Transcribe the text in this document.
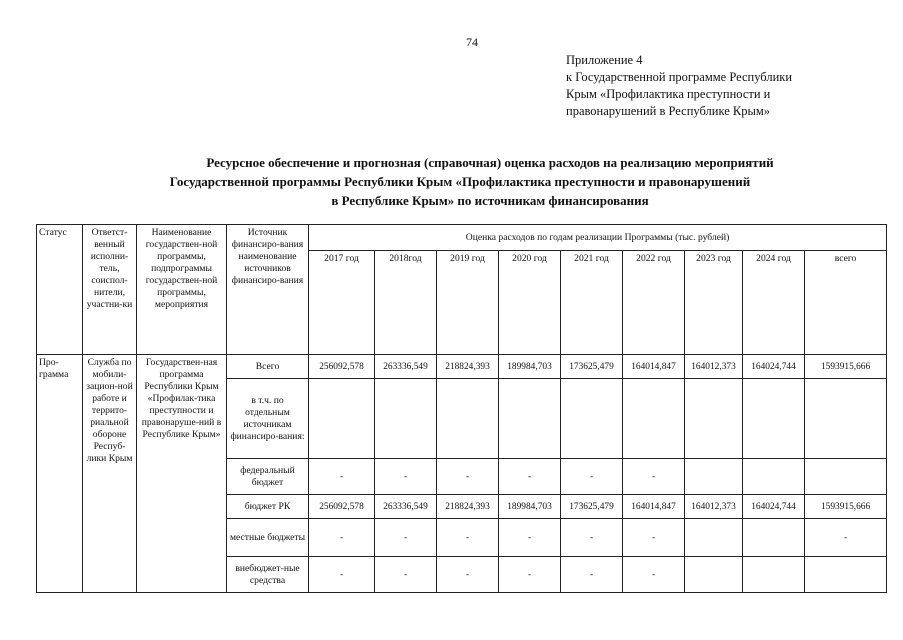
74
Приложение 4
к Государственной программе Республики
Крым «Профилактика преступности и
правонарушений в Республике Крым»
Ресурсное обеспечение и прогнозная (справочная) оценка расходов на реализацию мероприятий
Государственной программы Республики Крым «Профилактика преступности и правонарушений
в Республике Крым» по источникам финансирования
Статус	Ответст-венный исполни-тель, соиспол-нители, участни-ки	Наименование государствен-ной программы, подпрограммы государствен-ной программы, мероприятия	Источник финансиро-вания наименование источников финансиро-вания	Оценка расходов по годам реализации Программы (тыс. рублей)								
				2017 год	2018год	2019 год	2020 год	2021 год	2022 год	2023 год	2024 год	всего
Про-грамма	Служба по мобили-зацион-ной работе и террито-риальной обороне Респуб-лики Крым	Государствен-ная программа Республики Крым «Профилак-тика преступности и правонаруше-ний в Республике Крым»	Всего	256092,578	263336,549	218824,393	189984,703	173625,479	164014,847	164012,373	164024,744	1593915,666
			в т.ч. по отдельным источникам финансиро-вания:									
			федеральный бюджет	-	-	-	-	-	-			
			бюджет РК	256092,578	263336,549	218824,393	189984,703	173625,479	164014,847	164012,373	164024,744	1593915,666
			местные бюджеты	-	-	-	-	-	-			-
			внебюджет-ные средства	-	-	-	-	-	-			
